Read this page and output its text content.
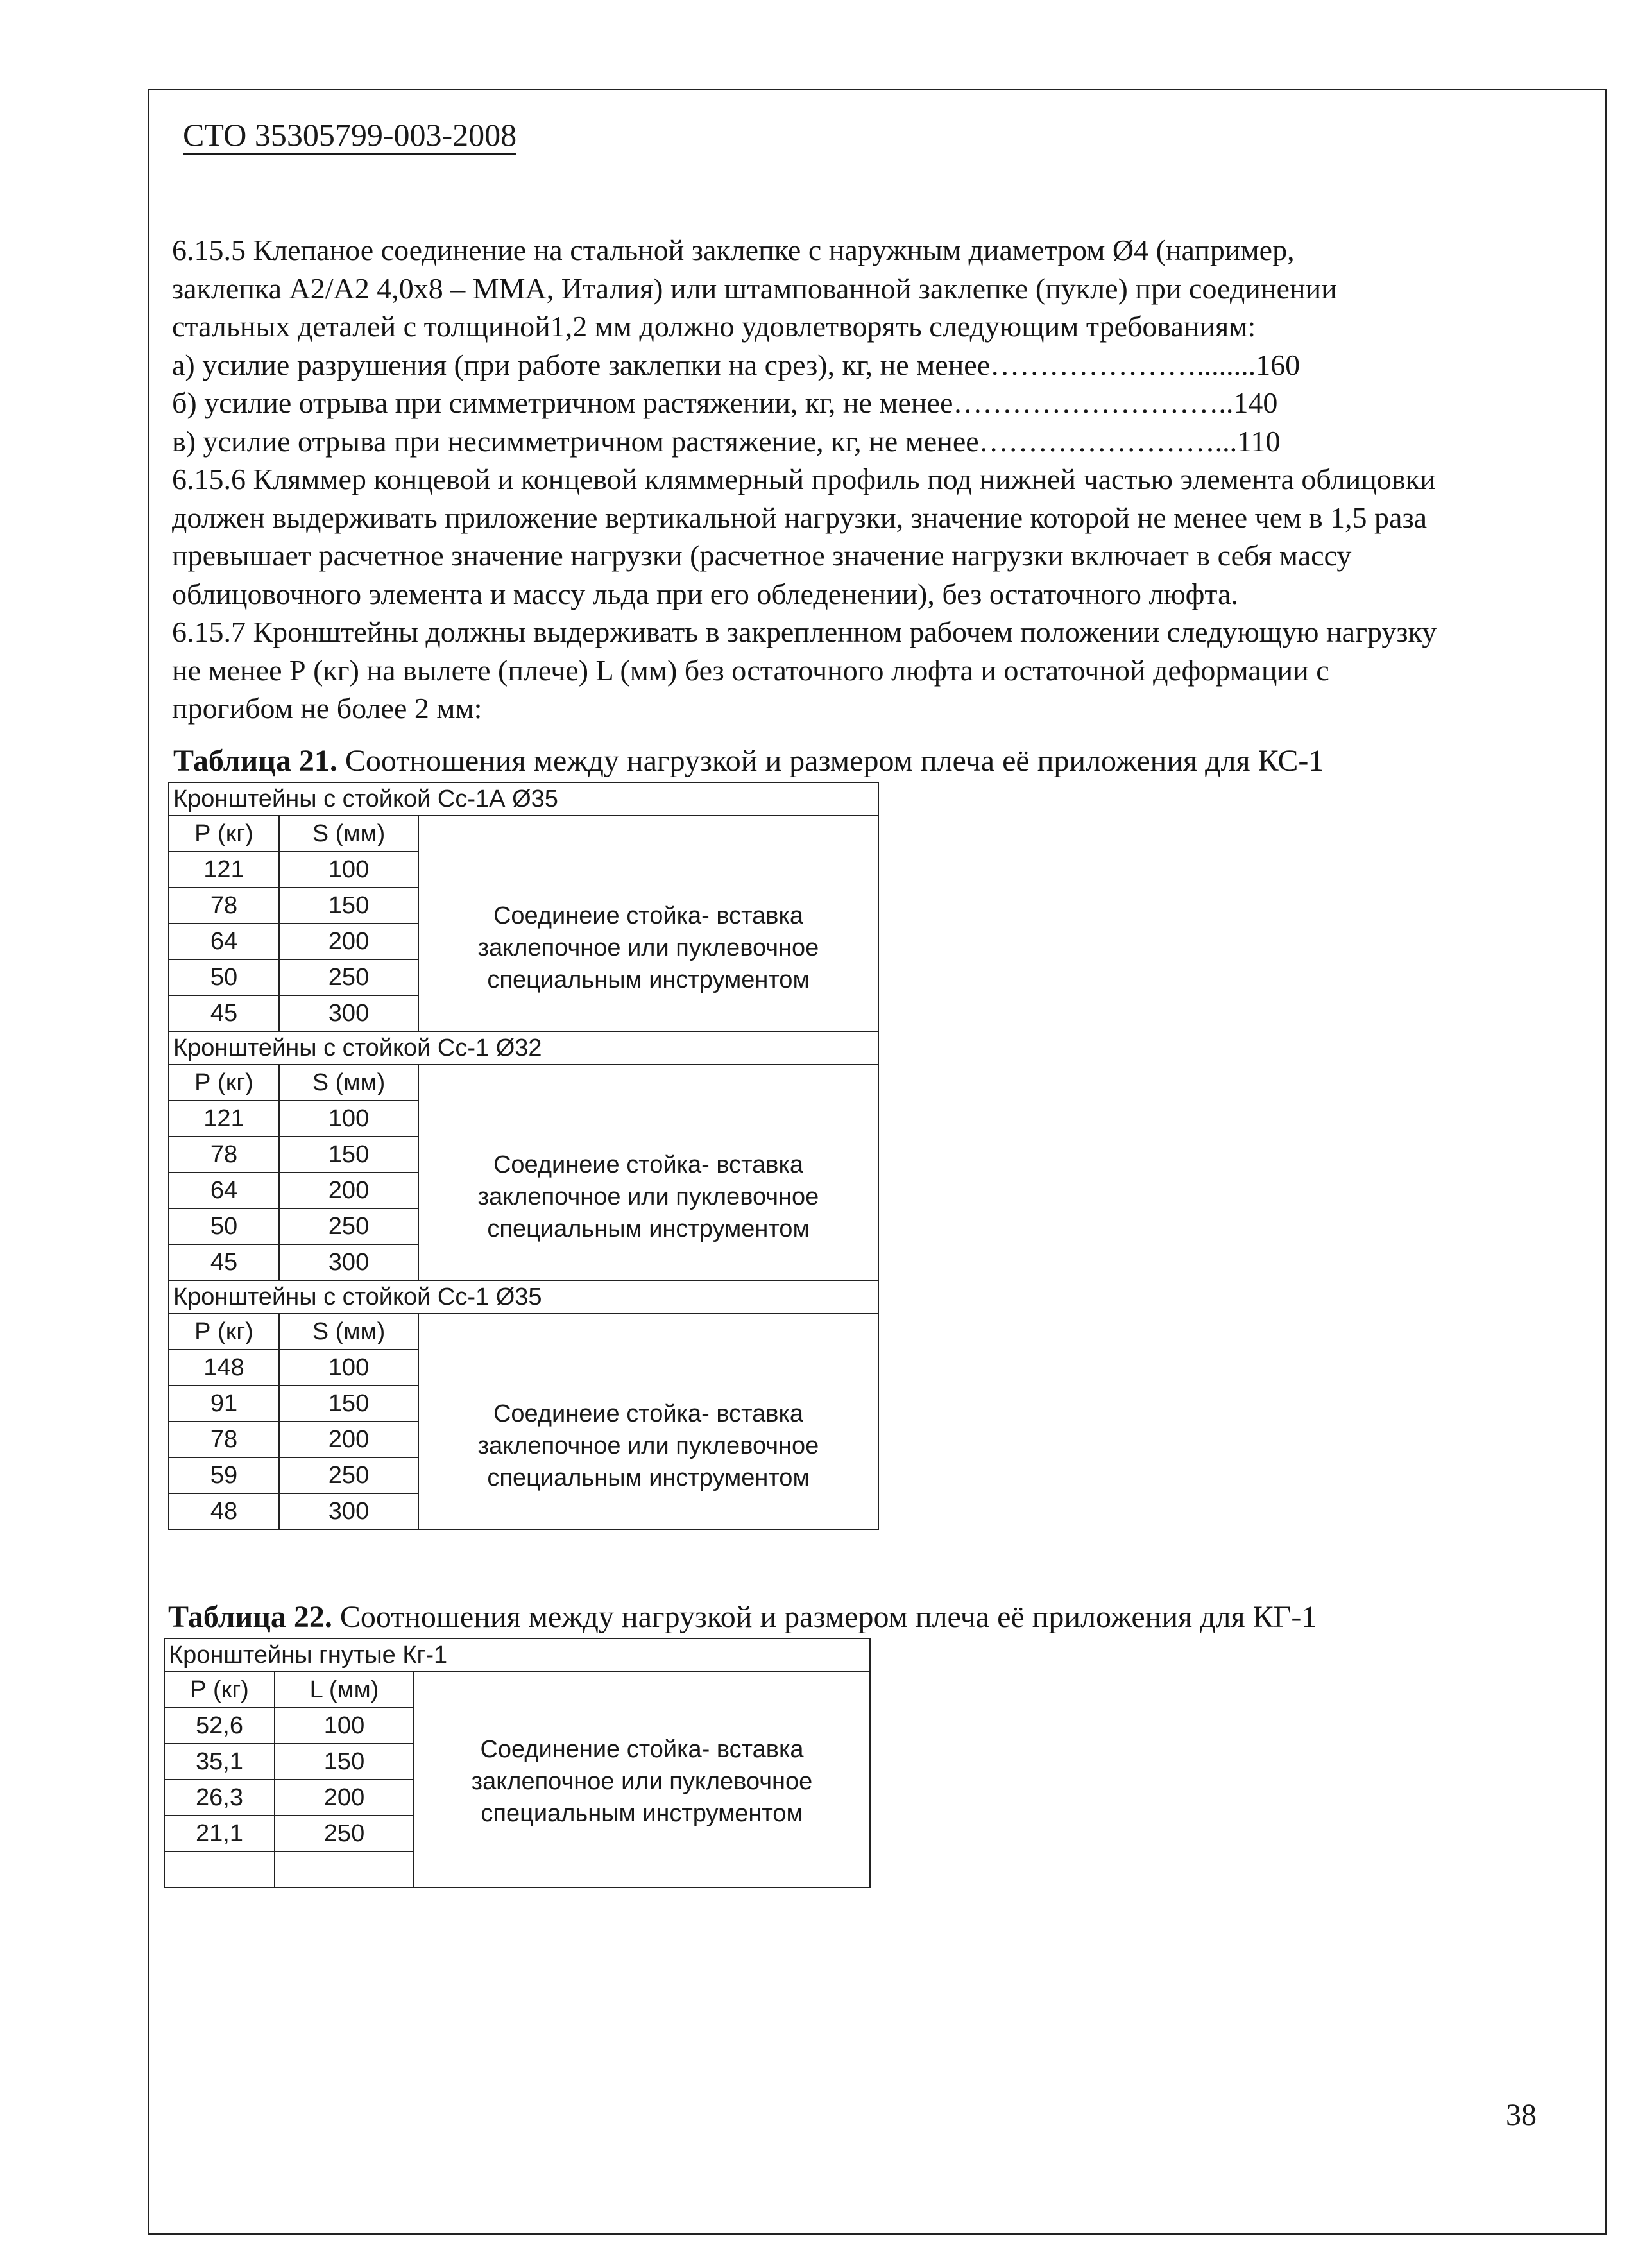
СТО 35305799-003-2008

6.15.5 Клепаное соединение на стальной заклепке с наружным диаметром Ø4 (например,

заклепка А2/А2 4,0х8 – ММА, Италия) или штампованной заклепке (пукле) при соединении

стальных деталей с толщиной1,2 мм должно удовлетворять следующим требованиям:

а) усилие разрушения (при работе заклепки на срез), кг, не менее…………………........160

б) усилие отрыва при симметричном растяжении, кг, не менее………………………..140

в) усилие отрыва при несимметричном растяжение, кг, не менее……………………...110

6.15.6 Кляммер концевой и концевой кляммерный профиль под нижней частью элемента облицовки

должен выдерживать приложение вертикальной нагрузки, значение которой не менее чем в 1,5 раза

превышает расчетное значение нагрузки (расчетное значение нагрузки включает в себя массу

облицовочного элемента и массу льда при его обледенении), без остаточного люфта.

6.15.7 Кронштейны должны выдерживать в закрепленном рабочем положении следующую нагрузку

не менее Р (кг) на вылете (плече) L (мм) без остаточного люфта и остаточной деформации с

прогибом не более 2 мм:

Таблица 21. Соотношения между нагрузкой и размером плеча её приложения для КС-1
Кронштейны с стойкой Сс-1А Ø35		
Р (кг)	S (мм)	Соединеие стойка- вставка
заклепочное или пуклевочное
специальным инструментом
121	100	
78	150	
64	200	
50	250	
45	300	
Кронштейны с стойкой Сс-1 Ø32		
Р (кг)	S (мм)	Соединеие стойка- вставка
заклепочное или пуклевочное
специальным инструментом
121	100	
78	150	
64	200	
50	250	
45	300	
Кронштейны с стойкой Сс-1 Ø35		
Р (кг)	S (мм)	Соединеие стойка- вставка
заклепочное или пуклевочное
специальным инструментом
148	100	
91	150	
78	200	
59	250	
48	300	
Таблица 22. Соотношения между нагрузкой и размером плеча её приложения для КГ-1
Кронштейны гнутые Кг-1		
Р (кг)	L (мм)	Соединение стойка- вставка
заклепочное или пуклевочное
специальным инструментом
52,6	100	
35,1	150	
26,3	200	
21,1	250	

38
